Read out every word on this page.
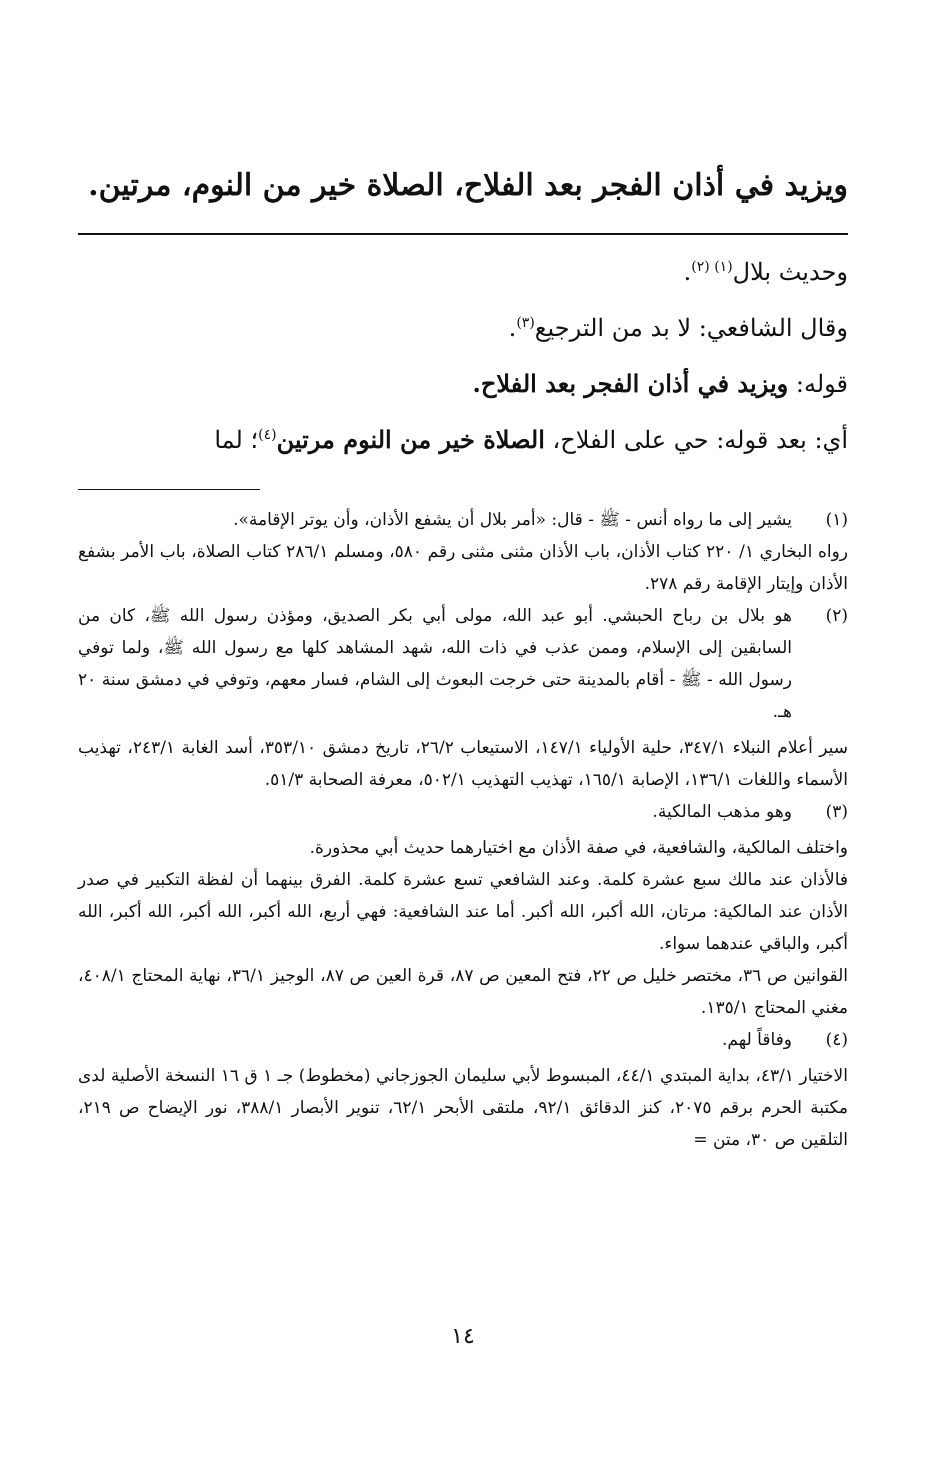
ويزيد في أذان الفجر بعد الفلاح، الصلاة خير من النوم، مرتين.

وحديث بلال$^{(١) (٢)}$.

وقال الشافعي: لا بد من الترجيع$^{(٣)}$.

قوله: ويزيد في أذان الفجر بعد الفلاح.

أي: بعد قوله: حي على الفلاح، الصلاة خير من النوم مرتين$^{(٤)}$؛ لما

(١)

يشير إلى ما رواه أنس - ﷺ - قال: «أمر بلال أن يشفع الأذان، وأن يوتر الإقامة».

رواه البخاري ١/ ٢٢٠ كتاب الأذان، باب الأذان مثنى مثنى رقم ٥٨٠، ومسلم ٢٨٦/١ كتاب الصلاة، باب الأمر بشفع الأذان وإيتار الإقامة رقم ٢٧٨.

(٢)

هو بلال بن رباح الحبشي. أبو عبد الله، مولى أبي بكر الصديق، ومؤذن رسول الله ﷺ، كان من السابقين إلى الإسلام، وممن عذب في ذات الله، شهد المشاهد كلها مع رسول الله ﷺ، ولما توفي رسول الله - ﷺ - أقام بالمدينة حتى خرجت البعوث إلى الشام، فسار معهم، وتوفي في دمشق سنة ٢٠ هـ.

سير أعلام النبلاء ٣٤٧/١، حلية الأولياء ١٤٧/١، الاستيعاب ٢٦/٢، تاريخ دمشق ٣٥٣/١٠، أسد الغابة ٢٤٣/١، تهذيب الأسماء واللغات ١٣٦/١، الإصابة ١٦٥/١، تهذيب التهذيب ٥٠٢/١، معرفة الصحابة ٥١/٣.

(٣)

وهو مذهب المالكية.

واختلف المالكية، والشافعية، في صفة الأذان مع اختيارهما حديث أبي محذورة.

فالأذان عند مالك سبع عشرة كلمة. وعند الشافعي تسع عشرة كلمة. الفرق بينهما أن لفظة التكبير في صدر الأذان عند المالكية: مرتان، الله أكبر، الله أكبر. أما عند الشافعية: فهي أربع، الله أكبر، الله أكبر، الله أكبر، الله أكبر، والباقي عندهما سواء.

القوانين ص ٣٦، مختصر خليل ص ٢٢، فتح المعين ص ٨٧، قرة العين ص ٨٧، الوجيز ٣٦/١، نهاية المحتاج ٤٠٨/١، مغني المحتاج ١٣٥/١.

(٤)

وفاقاً لهم.

الاختيار ٤٣/١، بداية المبتدي ٤٤/١، المبسوط لأبي سليمان الجوزجاني (مخطوط) جـ ١ ق ١٦ النسخة الأصلية لدى مكتبة الحرم برقم ٢٠٧٥، كنز الدقائق ٩٢/١، ملتقى الأبحر ٦٢/١، تنوير الأبصار ٣٨٨/١، نور الإيضاح ص ٢١٩، التلقين ص ٣٠، متن =

١٤
